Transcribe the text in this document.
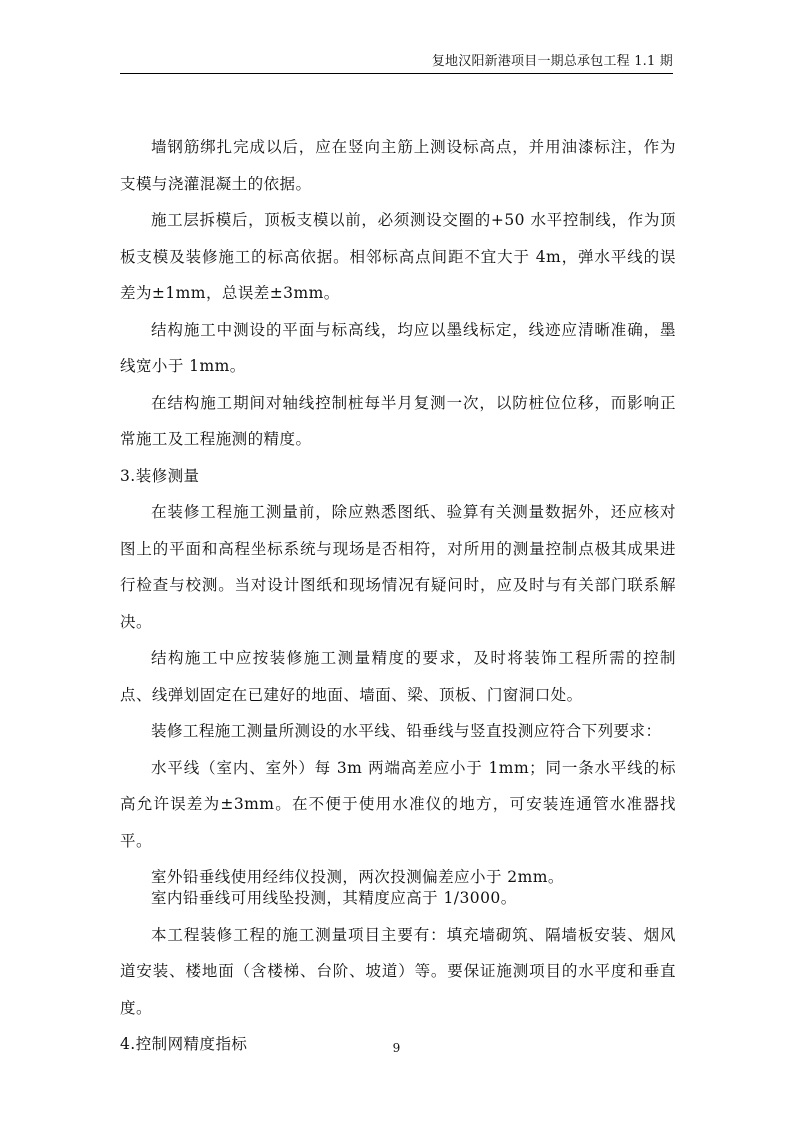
复地汉阳新港项目一期总承包工程 1.1 期

墙钢筋绑扎完成以后，应在竖向主筋上测设标高点，并用油漆标注，作为支模与浇灌混凝土的依据。

施工层拆模后，顶板支模以前，必须测设交圈的+50 水平控制线，作为顶板支模及装修施工的标高依据。相邻标高点间距不宜大于 4m，弹水平线的误差为±1mm，总误差±3mm。

结构施工中测设的平面与标高线，均应以墨线标定，线迹应清晰准确，墨线宽小于 1mm。

在结构施工期间对轴线控制桩每半月复测一次，以防桩位位移，而影响正常施工及工程施测的精度。

3.装修测量

在装修工程施工测量前，除应熟悉图纸、验算有关测量数据外，还应核对图上的平面和高程坐标系统与现场是否相符，对所用的测量控制点极其成果进行检查与校测。当对设计图纸和现场情况有疑问时，应及时与有关部门联系解决。

结构施工中应按装修施工测量精度的要求，及时将装饰工程所需的控制点、线弹划固定在已建好的地面、墙面、梁、顶板、门窗洞口处。

装修工程施工测量所测设的水平线、铅垂线与竖直投测应符合下列要求：

水平线（室内、室外）每 3m 两端高差应小于 1mm；同一条水平线的标高允许误差为±3mm。在不便于使用水准仪的地方，可安装连通管水准器找平。

室外铅垂线使用经纬仪投测，两次投测偏差应小于 2mm。

室内铅垂线可用线坠投测，其精度应高于 1/3000。

本工程装修工程的施工测量项目主要有：填充墙砌筑、隔墙板安装、烟风道安装、楼地面（含楼梯、台阶、坡道）等。要保证施测项目的水平度和垂直度。

4.控制网精度指标	9
